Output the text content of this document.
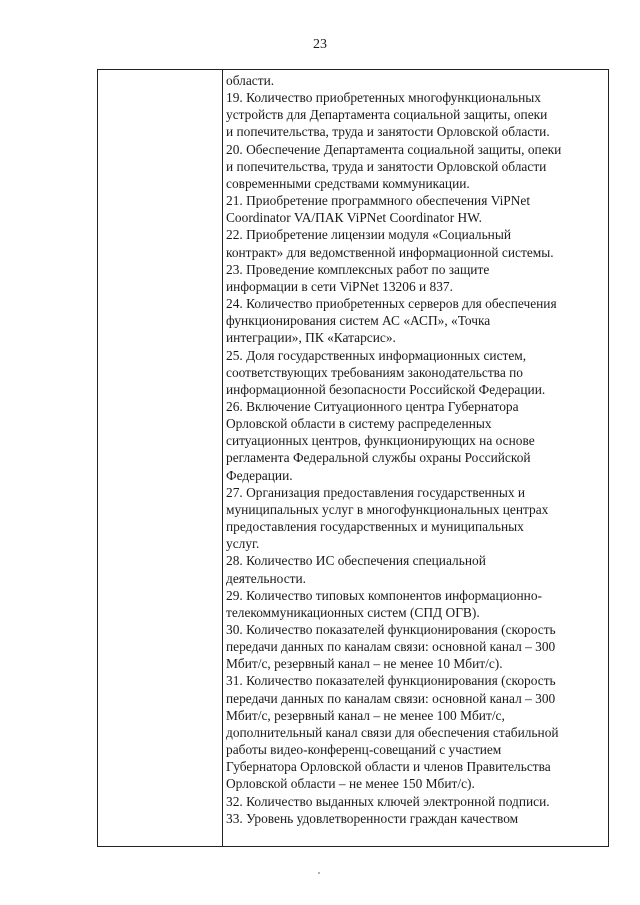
23
области.
19. Количество приобретенных многофункциональных
устройств для Департамента социальной защиты, опеки
и попечительства, труда и занятости Орловской области.
20. Обеспечение Департамента социальной защиты, опеки
и попечительства, труда и занятости Орловской области
современными средствами коммуникации.
21. Приобретение программного обеспечения ViPNet
Coordinator VA/ПАК ViPNet Coordinator HW.
22. Приобретение лицензии модуля «Социальный
контракт» для ведомственной информационной системы.
23. Проведение комплексных работ по защите
информации в сети ViPNet 13206 и 837.
24. Количество приобретенных серверов для обеспечения
функционирования систем АС «АСП», «Точка
интеграции», ПК «Катарсис».
25. Доля государственных информационных систем,
соответствующих требованиям законодательства по
информационной безопасности Российской Федерации.
26. Включение Ситуационного центра Губернатора
Орловской области в систему распределенных
ситуационных центров, функционирующих на основе
регламента Федеральной службы охраны Российской
Федерации.
27. Организация предоставления государственных и
муниципальных услуг в многофункциональных центрах
предоставления государственных и муниципальных
услуг.
28. Количество ИС обеспечения специальной
деятельности.
29. Количество типовых компонентов информационно-
телекоммуникационных систем (СПД ОГВ).
30. Количество показателей функционирования (скорость
передачи данных по каналам связи: основной канал – 300
Мбит/с, резервный канал – не менее 10 Мбит/с).
31. Количество показателей функционирования (скорость
передачи данных по каналам связи: основной канал – 300
Мбит/с, резервный канал – не менее 100 Мбит/с,
дополнительный канал связи для обеспечения стабильной
работы видео-конференц-совещаний с участием
Губернатора Орловской области и членов Правительства
Орловской области – не менее 150 Мбит/с).
32. Количество выданных ключей электронной подписи.
33. Уровень удовлетворенности граждан качеством
